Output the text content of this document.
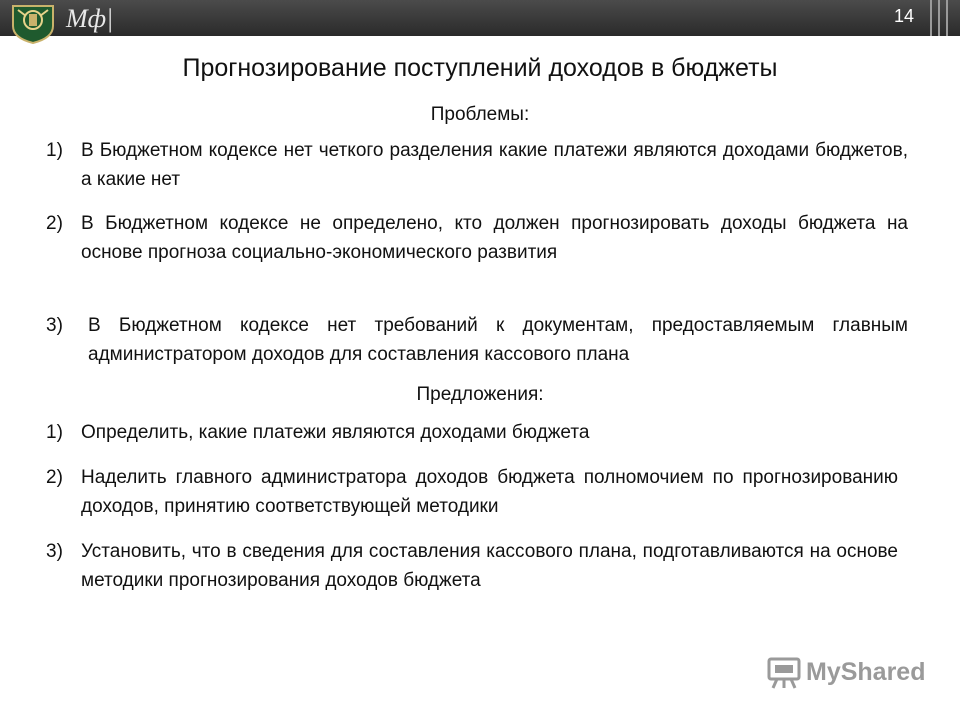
Мф|	14
Прогнозирование поступлений доходов в бюджеты
Проблемы:
1) В Бюджетном кодексе нет четкого разделения какие платежи являются доходами бюджетов, а какие нет
2) В Бюджетном кодексе не определено, кто должен прогнозировать доходы бюджета на основе прогноза социально-экономического развития
3) В Бюджетном кодексе нет требований к документам, предоставляемым главным администратором доходов для составления кассового плана
Предложения:
1) Определить, какие платежи являются доходами бюджета
2) Наделить главного администратора доходов бюджета полномочием по прогнозированию доходов, принятию соответствующей методики
3) Установить, что в сведения для составления кассового плана, подготавливаются на основе методики прогнозирования доходов бюджета
MyShared
